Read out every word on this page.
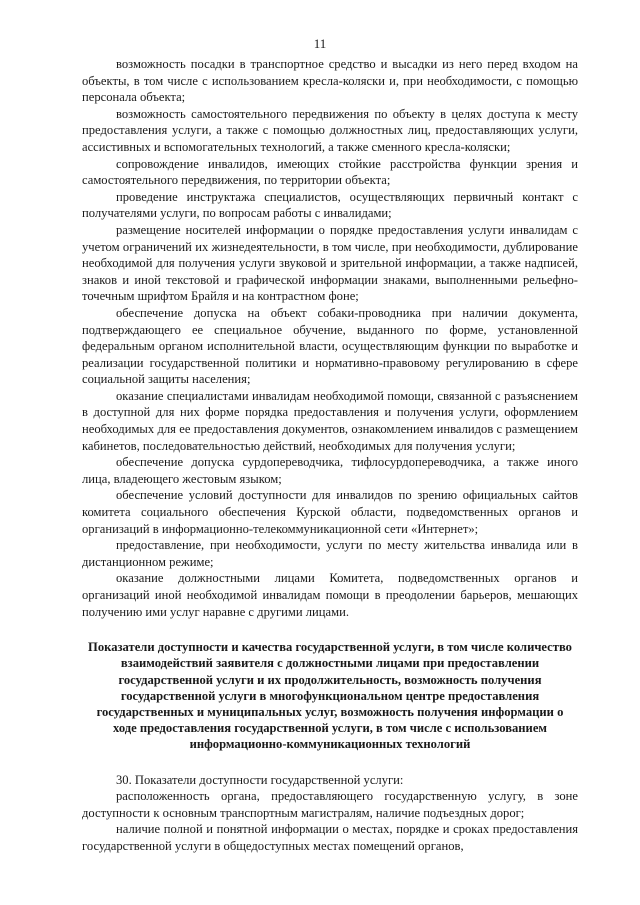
11

возможность посадки в транспортное средство и высадки из него перед входом на объекты, в том числе с использованием кресла-коляски и, при необходимости, с помощью персонала объекта;

возможность самостоятельного передвижения по объекту в целях доступа к месту предоставления услуги, а также с помощью должностных лиц, предоставляющих услуги, ассистивных и вспомогательных технологий, а также сменного кресла-коляски;

сопровождение инвалидов, имеющих стойкие расстройства функции зрения и самостоятельного передвижения, по территории объекта;

проведение инструктажа специалистов, осуществляющих первичный контакт с получателями услуги, по вопросам работы с инвалидами;

размещение носителей информации о порядке предоставления услуги инвалидам с учетом ограничений их жизнедеятельности, в том числе, при необходимости, дублирование необходимой для получения услуги звуковой и зрительной информации, а также надписей, знаков и иной текстовой и графической информации знаками, выполненными рельефно-точечным шрифтом Брайля и на контрастном фоне;

обеспечение допуска на объект собаки-проводника при наличии документа, подтверждающего ее специальное обучение, выданного по форме, установленной федеральным органом исполнительной власти, осуществляющим функции по выработке и реализации государственной политики и нормативно-правовому регулированию в сфере социальной защиты населения;

оказание специалистами инвалидам необходимой помощи, связанной с разъяснением в доступной для них форме порядка предоставления и получения услуги, оформлением необходимых для ее предоставления документов, ознакомлением инвалидов с размещением кабинетов, последовательностью действий, необходимых для получения услуги;

обеспечение допуска сурдопереводчика, тифлосурдопереводчика, а также иного лица, владеющего жестовым языком;

обеспечение условий доступности для инвалидов по зрению официальных сайтов комитета социального обеспечения Курской области, подведомственных органов и организаций в информационно-телекоммуникационной сети «Интернет»;

предоставление, при необходимости, услуги по месту жительства инвалида или в дистанционном режиме;

оказание должностными лицами Комитета, подведомственных органов и организаций иной необходимой инвалидам помощи в преодолении барьеров, мешающих получению ими услуг наравне с другими лицами.

Показатели доступности и качества государственной услуги, в том числе количество взаимодействий заявителя с должностными лицами при предоставлении государственной услуги и их продолжительность, возможность получения государственной услуги в многофункциональном центре предоставления государственных и муниципальных услуг, возможность получения информации о ходе предоставления государственной услуги, в том числе с использованием информационно-коммуникационных технологий

30. Показатели доступности государственной услуги:

расположенность органа, предоставляющего государственную услугу, в зоне доступности к основным транспортным магистралям, наличие подъездных дорог;

наличие полной и понятной информации о местах, порядке и сроках предоставления государственной услуги в общедоступных местах помещений органов,
